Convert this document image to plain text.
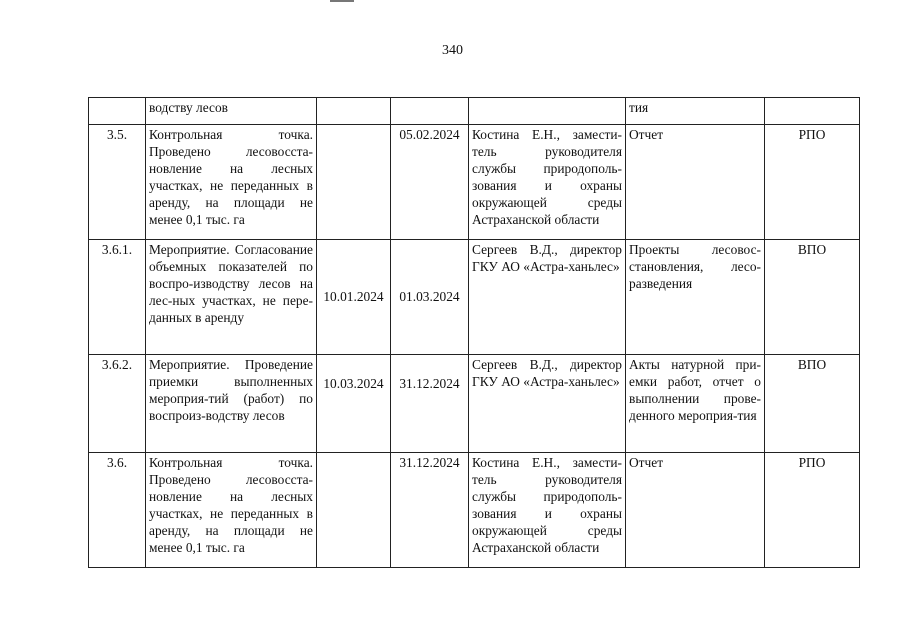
340
	водству лесов				тия	
3.5.	Контрольная точка. Проведено лесовосста-новление на лесных участках, не переданных в аренду, на площади не менее 0,1 тыс. га		05.02.2024	Костина Е.Н., замести-тель руководителя службы природополь-зования и охраны окружающей среды Астраханской области	Отчет	РПО
3.6.1.	Мероприятие. Согласование объемных показателей по воспро-изводству лесов на лес-ных участках, не пере-данных в аренду	10.01.2024	01.03.2024	Сергеев В.Д., директор ГКУ АО «Астра-ханьлес»	Проекты лесовос-становления, лесо-разведения	ВПО
3.6.2.	Мероприятие. Проведение приемки выполненных мероприя-тий (работ) по воспроиз-водству лесов	10.03.2024	31.12.2024	Сергеев В.Д., директор ГКУ АО «Астра-ханьлес»	Акты натурной при-емки работ, отчет о выполнении прове-денного мероприя-тия	ВПО
3.6.	Контрольная точка. Проведено лесовосста-новление на лесных участках, не переданных в аренду, на площади не менее 0,1 тыс. га		31.12.2024	Костина Е.Н., замести-тель руководителя службы природополь-зования и охраны окружающей среды Астраханской области	Отчет	РПО
